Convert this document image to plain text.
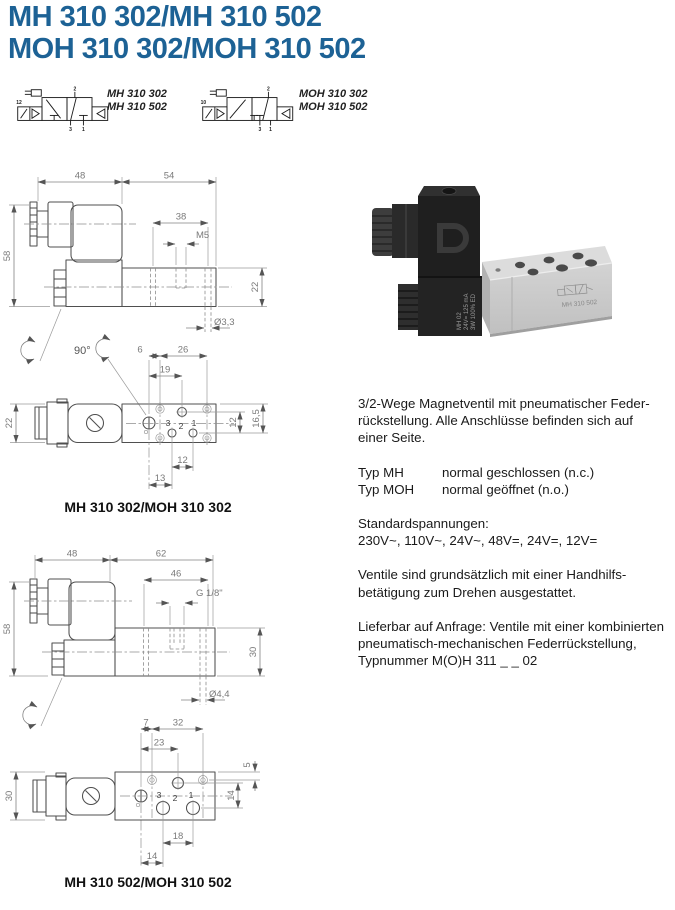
MH 310 302/MH 310 502
MOH 310 302/MOH 310 502
12
2
3 1
MH 310 302
MH 310 502	10
2
3 1
MOH 310 302
MOH 310 502
48	54
38
M5
58
22
Ø3,3
90°
3 2 1
6	26
19
22	12 16,5
12
13
MH 310 302/MOH 310 302
MH 02 24V= 125 mA 3W 100% ED	MH 310 502
3/2-Wege Magnetventil mit pneumatischer Feder-
rückstellung. Alle Anschlüsse befinden sich auf
einer Seite.
Typ MH	normal geschlossen (n.c.)
Typ MOH	normal geöffnet (n.o.)
Standardspannungen:
230V~, 110V~, 24V~, 48V=, 24V=, 12V=
Ventile sind grundsätzlich mit einer Handhilfs-
betätigung zum Drehen ausgestattet.
Lieferbar auf Anfrage: Ventile mit einer kombinierten
pneumatisch-mechanischen Federrückstellung,
Typnummer M(O)H 311 _ _ 02
48	62
46
G 1/8"
58
30
Ø4,4
3 2 1
7	32
23
5
30	14
18
14
MH 310 502/MOH 310 502
